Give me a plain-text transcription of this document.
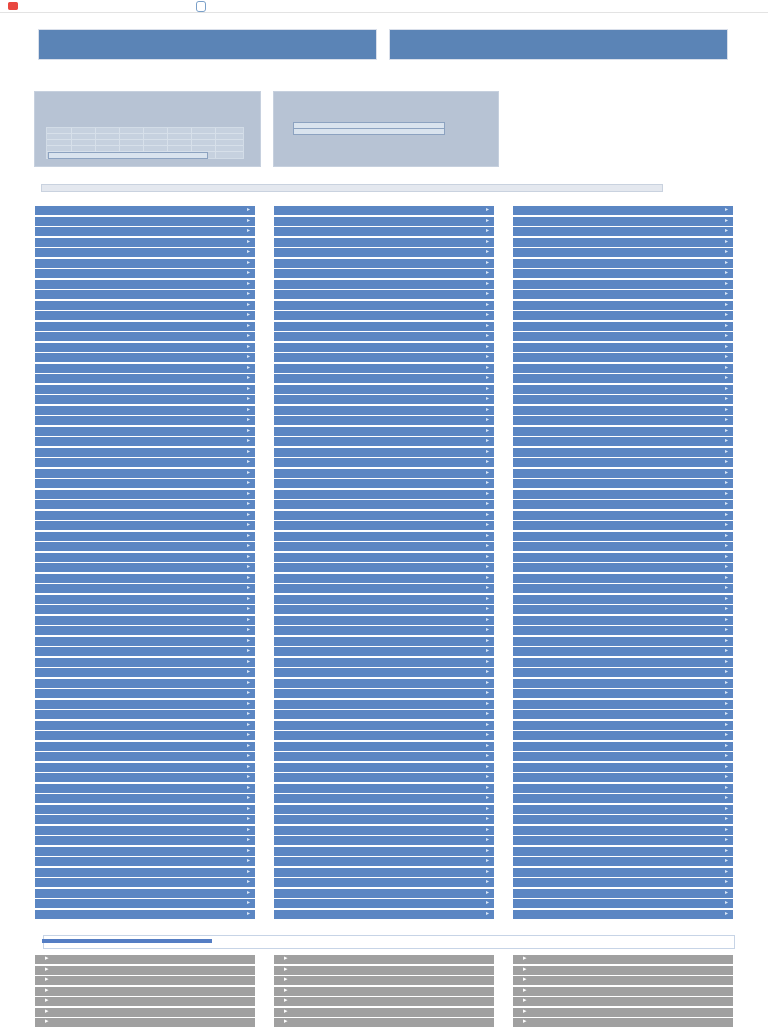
▸
▸
▸
▸
▸
▸
▸
▸
▸
▸
▸
▸
▸
▸
▸
▸
▸
▸
▸
▸
▸
▸
▸
▸
▸
▸
▸
▸
▸
▸
▸
▸
▸
▸
▸
▸
▸
▸
▸
▸
▸
▸
▸
▸
▸
▸
▸
▸
▸
▸
▸
▸
▸
▸
▸
▸
▸
▸
▸
▸
▸
▸
▸
▸
▸
▸
▸
▸
▸
▸
▸
▸
▸
▸
▸
▸
▸
▸
▸
▸
▸
▸
▸
▸
▸
▸
▸
▸
▸
▸
▸
▸
▸
▸
▸
▸
▸
▸
▸
▸
▸
▸
▸
▸
▸
▸
▸
▸
▸
▸
▸
▸
▸
▸
▸
▸
▸
▸
▸
▸
▸
▸
▸
▸
▸
▸
▸
▸
▸
▸
▸
▸
▸
▸
▸
▸
▸
▸
▸
▸
▸
▸
▸
▸
▸
▸
▸
▸
▸
▸
▸
▸
▸
▸
▸
▸
▸
▸
▸
▸
▸
▸
▸
▸
▸
▸
▸
▸
▸
▸
▸
▸
▸
▸
▸
▸
▸
▸
▸
▸
▸
▸
▸
▸
▸
▸
▸
▸
▸
▸
▸
▸
▸
▸
▸
▸
▸
▸
▸
▸
▸
▸
▸
▸
▸
▸
▸
▸
▸
▸
▸
▸
▸
▸
▸
▸
▸
▸
▸
▸
▸
▸
▸
▸
▸
